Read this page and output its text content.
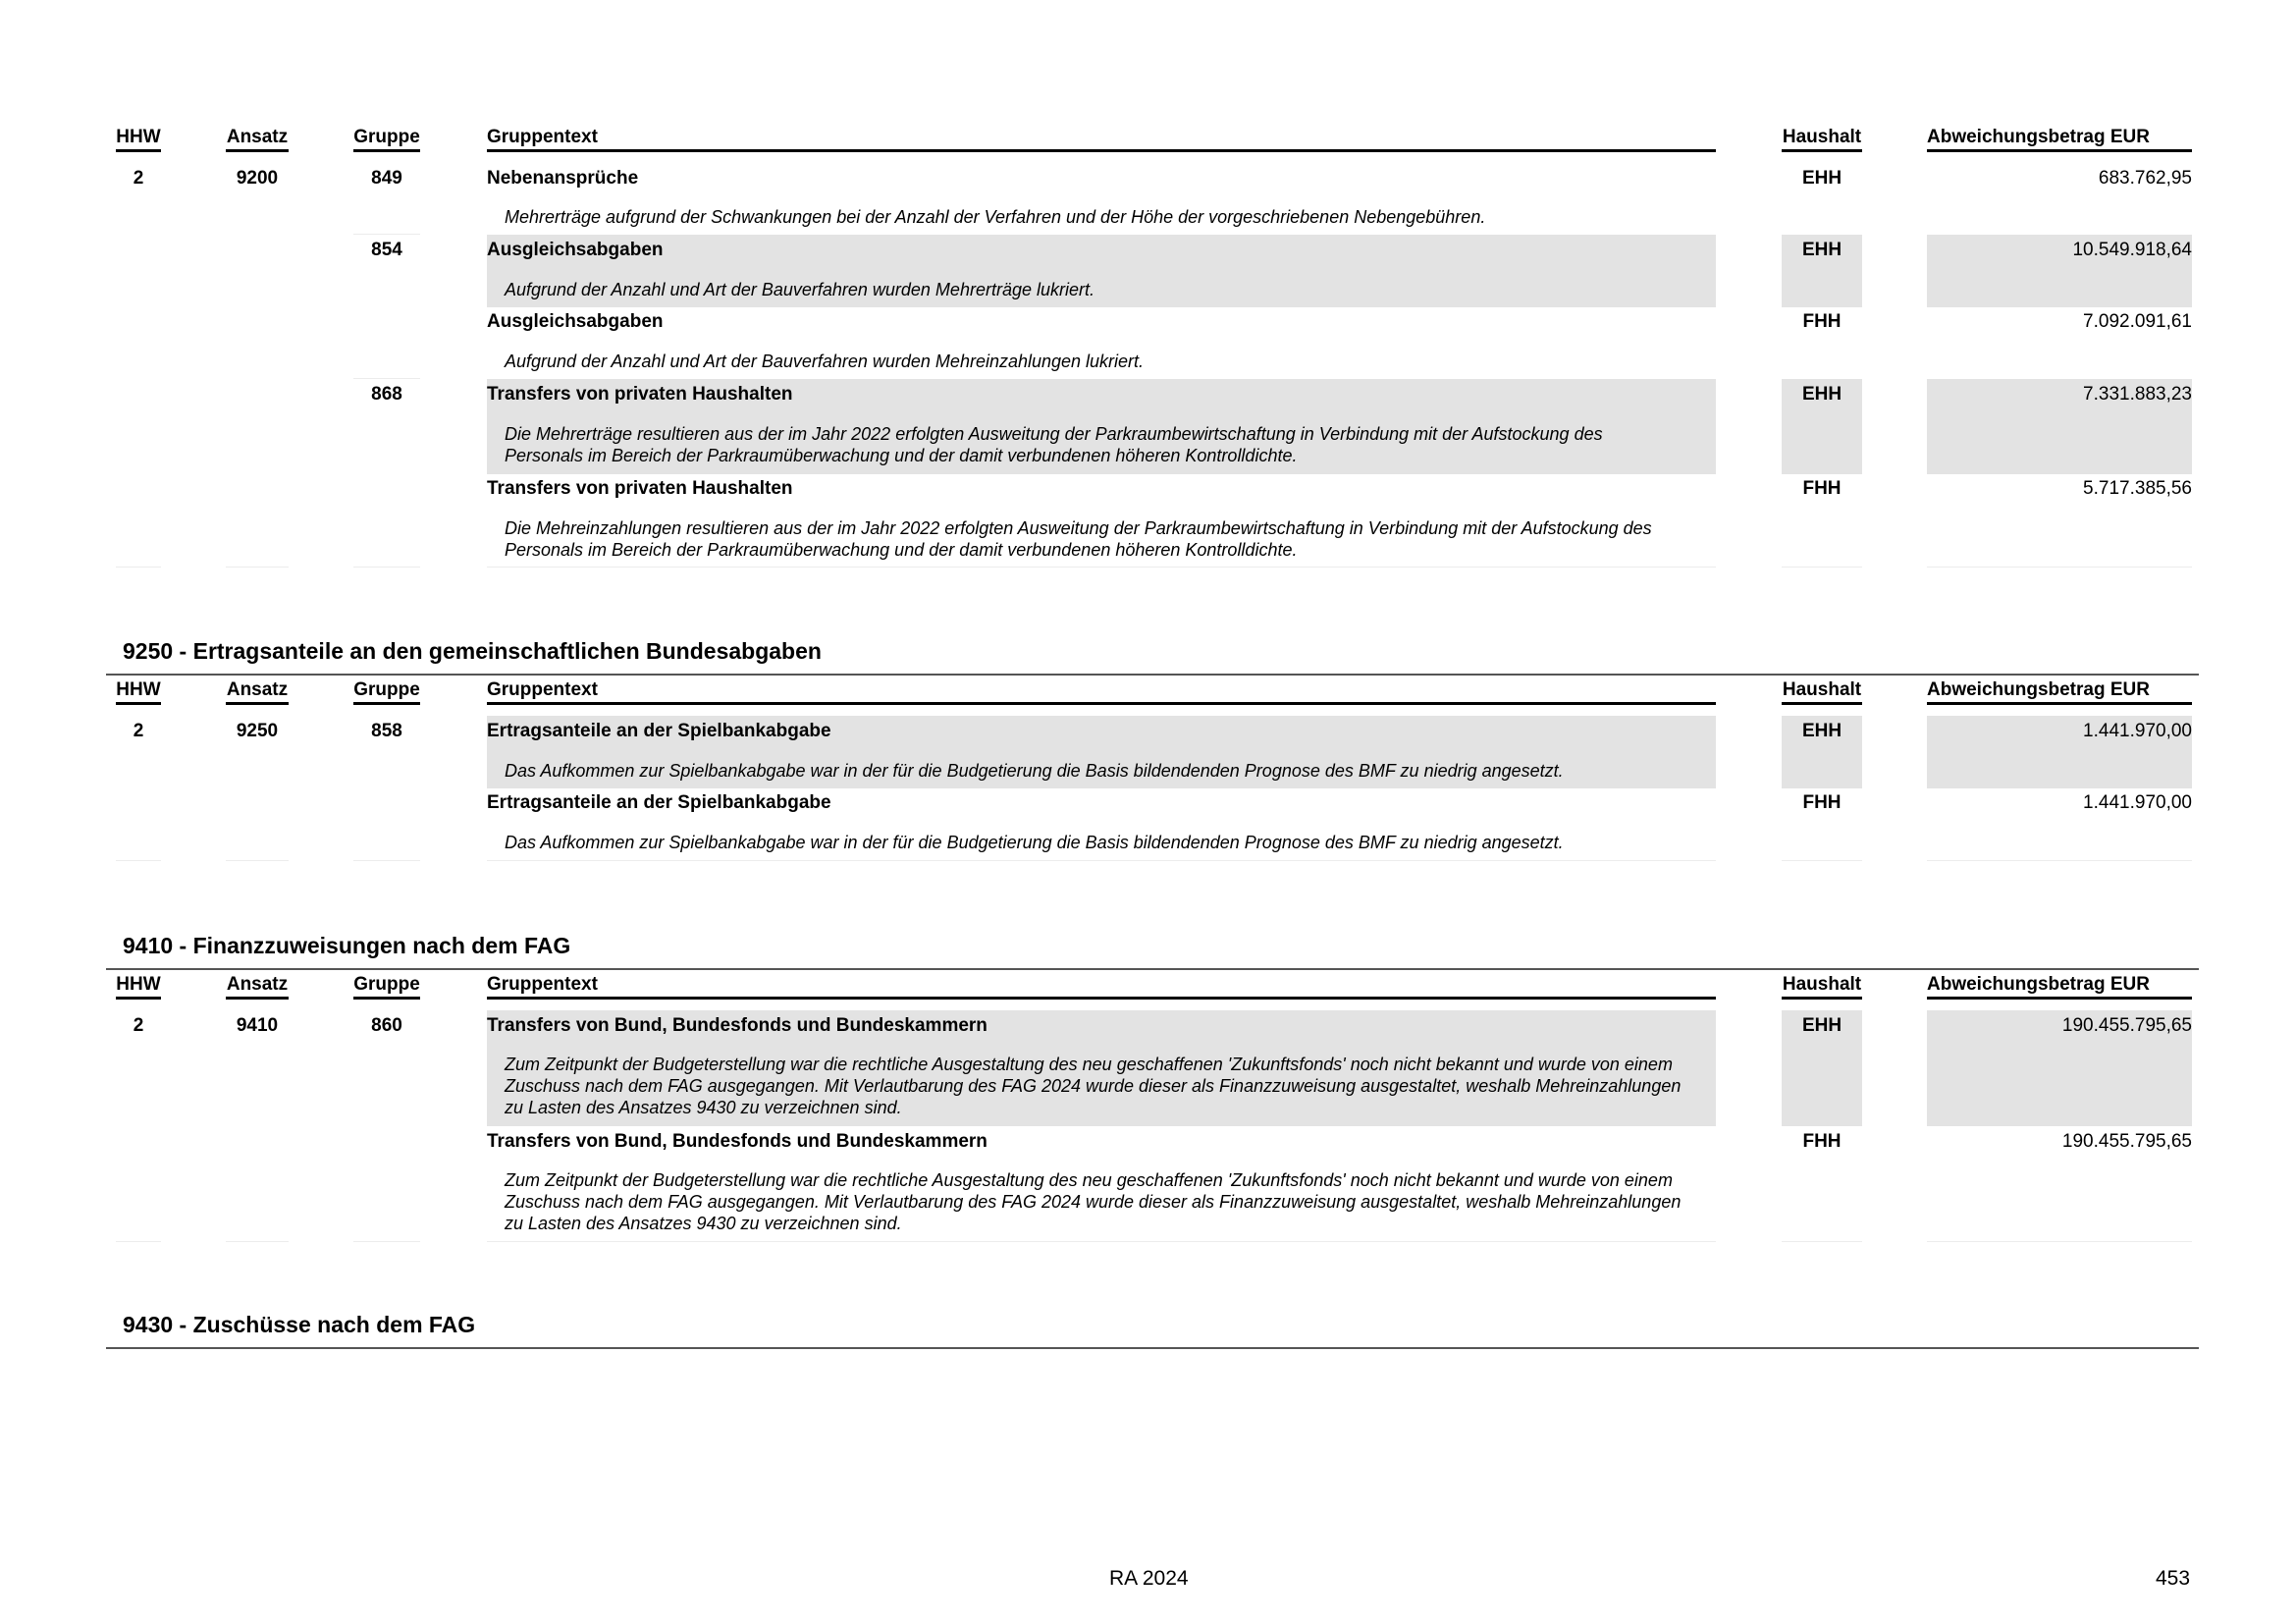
HHW	Ansatz	Gruppe	Gruppentext	Haushalt	Abweichungsbetrag EUR
2	9200	849	Nebenansprüche	EHH	683.762,95
Mehrerträge aufgrund der Schwankungen bei der Anzahl der Verfahren und der Höhe der vorgeschriebenen Nebengebühren.
854	Ausgleichsabgaben	EHH	10.549.918,64
Aufgrund der Anzahl und Art der Bauverfahren wurden Mehrerträge lukriert.
Ausgleichsabgaben	FHH	7.092.091,61
Aufgrund der Anzahl und Art der Bauverfahren wurden Mehreinzahlungen lukriert.
868	Transfers von privaten Haushalten	EHH	7.331.883,23
Die Mehrerträge resultieren aus der im Jahr 2022 erfolgten Ausweitung der Parkraumbewirtschaftung in Verbindung mit der Aufstockung des Personals im Bereich der Parkraumüberwachung und der damit verbundenen höheren Kontrolldichte.
Transfers von privaten Haushalten	FHH	5.717.385,56
Die Mehreinzahlungen resultieren aus der im Jahr 2022 erfolgten Ausweitung der Parkraumbewirtschaftung in Verbindung mit der Aufstockung des Personals im Bereich der Parkraumüberwachung und der damit verbundenen höheren Kontrolldichte.
9250 - Ertragsanteile an den gemeinschaftlichen Bundesabgaben
HHW	Ansatz	Gruppe	Gruppentext	Haushalt	Abweichungsbetrag EUR
2	9250	858	Ertragsanteile an der Spielbankabgabe	EHH	1.441.970,00
Das Aufkommen zur Spielbankabgabe war in der für die Budgetierung die Basis bildendenden Prognose des BMF zu niedrig angesetzt.
Ertragsanteile an der Spielbankabgabe	FHH	1.441.970,00
Das Aufkommen zur Spielbankabgabe war in der für die Budgetierung die Basis bildendenden Prognose des BMF zu niedrig angesetzt.
9410 - Finanzzuweisungen nach dem FAG
HHW	Ansatz	Gruppe	Gruppentext	Haushalt	Abweichungsbetrag EUR
2	9410	860	Transfers von Bund, Bundesfonds und Bundeskammern	EHH	190.455.795,65
Zum Zeitpunkt der Budgeterstellung war die rechtliche Ausgestaltung des neu geschaffenen 'Zukunftsfonds' noch nicht bekannt und wurde von einem Zuschuss nach dem FAG ausgegangen. Mit Verlautbarung des FAG 2024 wurde dieser als Finanzzuweisung ausgestaltet, weshalb Mehreinzahlungen zu Lasten des Ansatzes 9430 zu verzeichnen sind.
Transfers von Bund, Bundesfonds und Bundeskammern	FHH	190.455.795,65
Zum Zeitpunkt der Budgeterstellung war die rechtliche Ausgestaltung des neu geschaffenen 'Zukunftsfonds' noch nicht bekannt und wurde von einem Zuschuss nach dem FAG ausgegangen. Mit Verlautbarung des FAG 2024 wurde dieser als Finanzzuweisung ausgestaltet, weshalb Mehreinzahlungen zu Lasten des Ansatzes 9430 zu verzeichnen sind.
9430 - Zuschüsse nach dem FAG
RA 2024	453
